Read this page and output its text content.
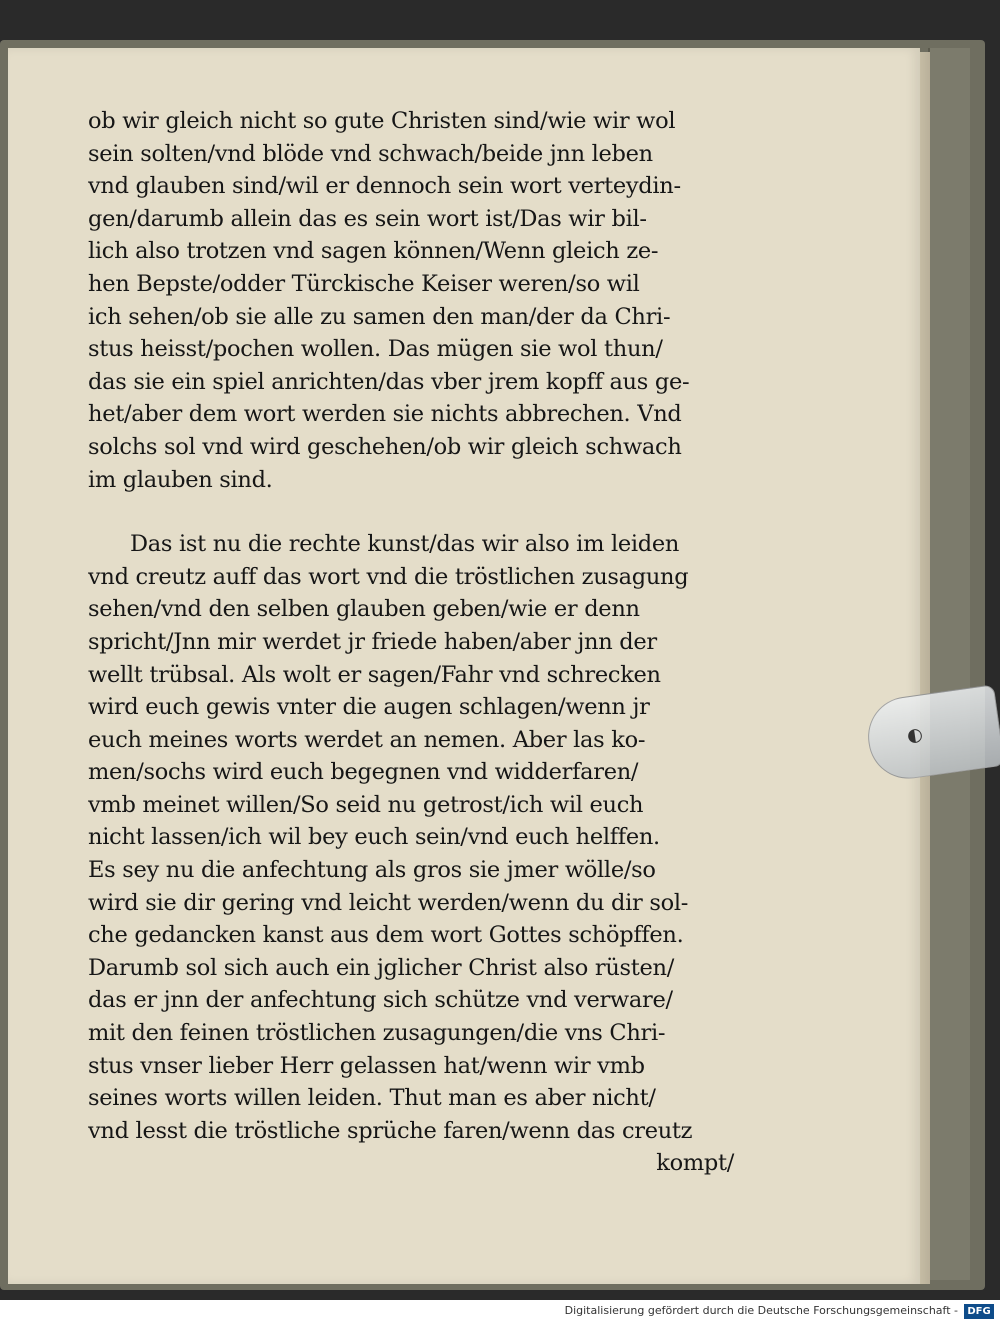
ob wir gleich nicht so gute Christen sind/wie wir wol
sein solten/vnd blöde vnd schwach/beide jnn leben
vnd glauben sind/wil er dennoch sein wort verteydin-
gen/darumb allein das es sein wort ist/Das wir bil-
lich also trotzen vnd sagen können/Wenn gleich ze-
hen Bepste/odder Türckische Keiser weren/so wil
ich sehen/ob sie alle zu samen den man/der da Chri-
stus heisst/pochen wollen. Das mügen sie wol thun/
das sie ein spiel anrichten/das vber jrem kopff aus ge-
het/aber dem wort werden sie nichts abbrechen. Vnd
solchs sol vnd wird geschehen/ob wir gleich schwach
im glauben sind.
Das ist nu die rechte kunst/das wir also im leiden
vnd creutz auff das wort vnd die tröstlichen zusagung
sehen/vnd den selben glauben geben/wie er denn
spricht/Jnn mir werdet jr friede haben/aber jnn der
wellt trübsal. Als wolt er sagen/Fahr vnd schrecken
wird euch gewis vnter die augen schlagen/wenn jr
euch meines worts werdet an nemen. Aber las ko-
men/sochs wird euch begegnen vnd widderfaren/
vmb meinet willen/So seid nu getrost/ich wil euch
nicht lassen/ich wil bey euch sein/vnd euch helffen.
Es sey nu die anfechtung als gros sie jmer wölle/so
wird sie dir gering vnd leicht werden/wenn du dir sol-
che gedancken kanst aus dem wort Gottes schöpffen.
Darumb sol sich auch ein jglicher Christ also rüsten/
das er jnn der anfechtung sich schütze vnd verware/
mit den feinen tröstlichen zusagungen/die vns Chri-
stus vnser lieber Herr gelassen hat/wenn wir vmb
seines worts willen leiden. Thut man es aber nicht/
vnd lesst die tröstliche sprüche faren/wenn das creutz
kompt/
◐
Digitalisierung gefördert durch die Deutsche Forschungsgemeinschaft - DFG
